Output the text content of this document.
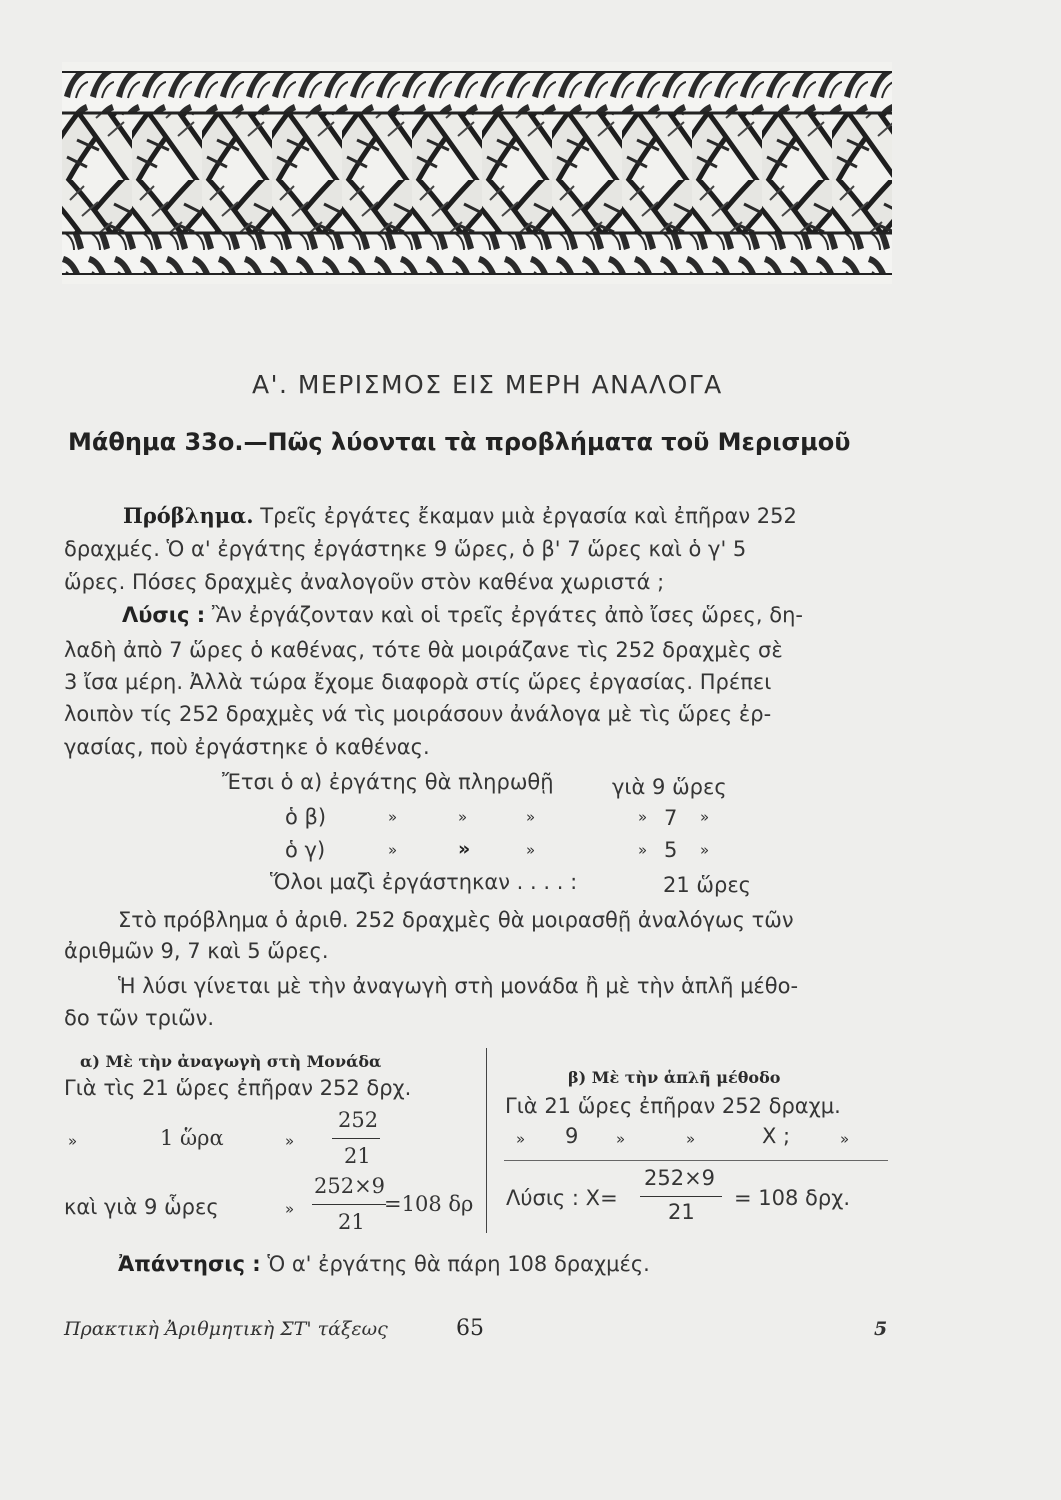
Α'. ΜΕΡΙΣΜΟΣ ΕΙΣ ΜΕΡΗ ΑΝΑΛΟΓΑ
Μάθημα 33ο.—Πῶς λύονται τὰ προβλήματα τοῦ Μερισμοῦ
Πρόβλημα. Τρεῖς ἐργάτες ἔκαμαν μιὰ ἐργασία καὶ ἐπῆραν 252
δραχμές. Ὁ α' ἐργάτης ἐργάστηκε 9 ὥρες, ὁ β' 7 ὥρες καὶ ὁ γ' 5
ὥρες. Πόσες δραχμὲς ἀναλογοῦν στὸν καθένα χωριστά ;
Λύσις : Ἂν ἐργάζονταν καὶ οἱ τρεῖς ἐργάτες ἀπὸ ἴσες ὥρες, δη-
λαδὴ ἀπὸ 7 ὥρες ὁ καθένας, τότε θὰ μοιράζανε τὶς 252 δραχμὲς σὲ
3 ἴσα μέρη. Ἀλλὰ τώρα ἔχομε διαφορὰ στίς ὥρες ἐργασίας. Πρέπει
λοιπὸν τίς 252 δραχμὲς νά τὶς μοιράσουν ἀνάλογα μὲ τὶς ὥρες ἐρ-
γασίας, ποὺ ἐργάστηκε ὁ καθένας.
Ἔτσι ὁ α) ἐργάτης θὰ πληρωθῇ	γιὰ 9 ὥρες
ὁ β)	»	»	»	» 7 »
ὁ γ)	»	»	»	» 5 »
Ὅλοι μαζὶ ἐργάστηκαν . . . . :	21 ὥρες
Στὸ πρόβλημα ὁ ἀριθ. 252 δραχμὲς θὰ μοιρασθῇ ἀναλόγως τῶν
ἀριθμῶν 9, 7 καὶ 5 ὥρες.
Ἡ λύσι γίνεται μὲ τὴν ἀναγωγὴ στὴ μονάδα ἢ μὲ τὴν ἁπλῆ μέθο-
δο τῶν τριῶν.
α) Μὲ τὴν ἀναγωγὴ στὴ Μονάδα
Γιὰ τὶς 21 ὥρες ἐπῆραν 252 δρχ.
»	1 ὥρα	»
252
21
καὶ γιὰ 9 ὧρες	»
252×9
21
=108 δρ
β) Μὲ τὴν ἁπλῆ μέθοδο
Γιὰ 21 ὥρες ἐπῆραν 252 δραχμ.
» 9	»	»	Χ ;	»
Λύσις : Χ=
252×9
21
= 108 δρχ.
Ἀπάντησις : Ὁ α' ἐργάτης θὰ πάρη 108 δραχμές.
Πρακτικὴ Ἀριθμητικὴ ΣΤ' τάξεως	65	5
